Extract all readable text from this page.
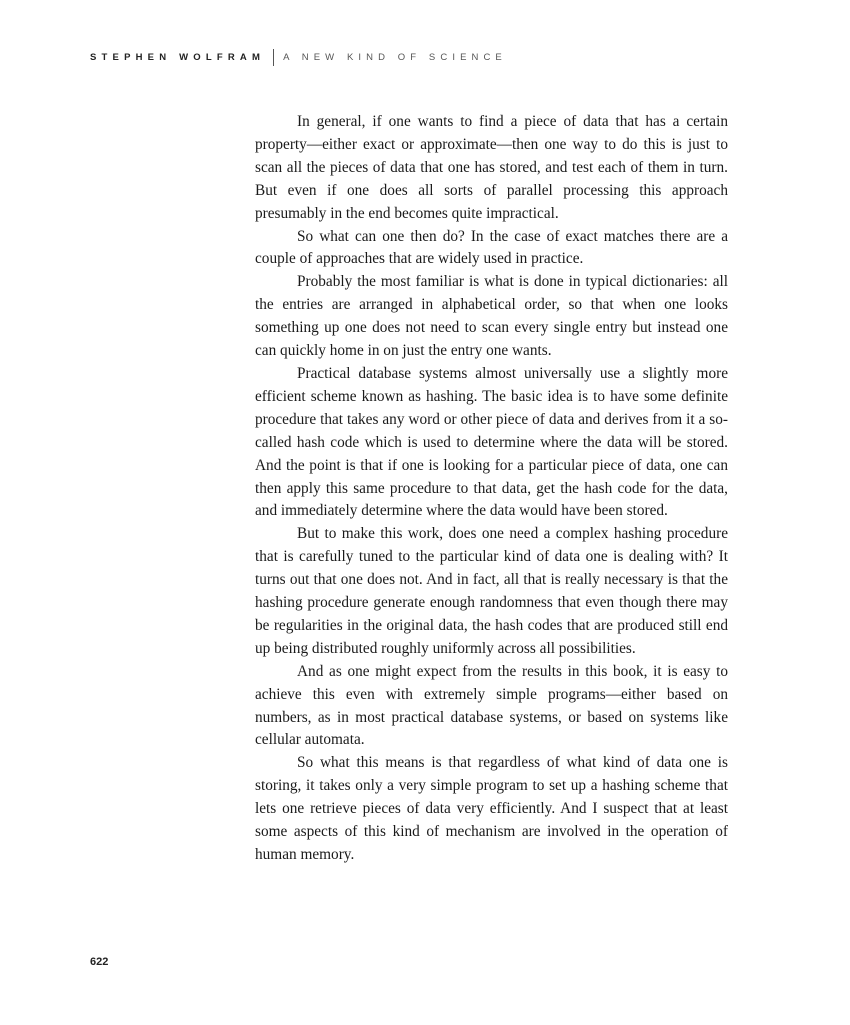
STEPHEN WOLFRAM A NEW KIND OF SCIENCE

In general, if one wants to find a piece of data that has a certain property—either exact or approximate—then one way to do this is just to scan all the pieces of data that one has stored, and test each of them in turn. But even if one does all sorts of parallel processing this approach presumably in the end becomes quite impractical.

So what can one then do? In the case of exact matches there are a couple of approaches that are widely used in practice.

Probably the most familiar is what is done in typical dictionaries: all the entries are arranged in alphabetical order, so that when one looks something up one does not need to scan every single entry but instead one can quickly home in on just the entry one wants.

Practical database systems almost universally use a slightly more efficient scheme known as hashing. The basic idea is to have some definite procedure that takes any word or other piece of data and derives from it a so-called hash code which is used to determine where the data will be stored. And the point is that if one is looking for a particular piece of data, one can then apply this same procedure to that data, get the hash code for the data, and immediately determine where the data would have been stored.

But to make this work, does one need a complex hashing procedure that is carefully tuned to the particular kind of data one is dealing with? It turns out that one does not. And in fact, all that is really necessary is that the hashing procedure generate enough randomness that even though there may be regularities in the original data, the hash codes that are produced still end up being distributed roughly uniformly across all possibilities.

And as one might expect from the results in this book, it is easy to achieve this even with extremely simple programs—either based on numbers, as in most practical database systems, or based on systems like cellular automata.

So what this means is that regardless of what kind of data one is storing, it takes only a very simple program to set up a hashing scheme that lets one retrieve pieces of data very efficiently. And I suspect that at least some aspects of this kind of mechanism are involved in the operation of human memory.

622
